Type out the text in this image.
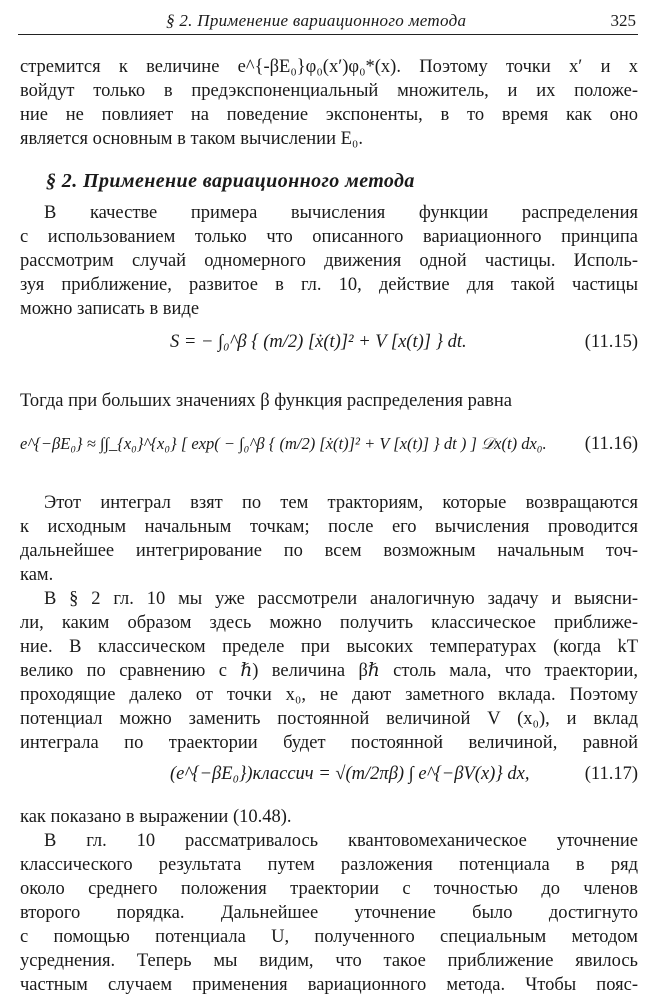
§ 2. Применение вариационного метода	325
стремится к величине e^{-βE₀}φ₀(x′)φ₀*(x). Поэтому точки x′ и x
войдут только в предэкспоненциальный множитель, и их положе-
ние не повлияет на поведение экспоненты, в то время как оно
является основным в таком вычислении E₀.
§ 2. Применение вариационного метода
В качестве примера вычисления функции распределения
с использованием только что описанного вариационного принципа
рассмотрим случай одномерного движения одной частицы. Исполь-
зуя приближение, развитое в гл. 10, действие для такой частицы
можно записать в виде
S = − ∫₀^β { (m/2) [ẋ(t)]² + V [x(t)] } dt.	(11.15)
Тогда при больших значениях β функция распределения равна
e^{−βE₀} ≈ ∫∫_{x₀}^{x₀} [ exp( − ∫₀^β { (m/2) [ẋ(t)]² + V [x(t)] } dt ) ] 𝒟x(t) dx₀. (11.16)
Этот интеграл взят по тем тракториям, которые возвращаются
к исходным начальным точкам; после его вычисления проводится
дальнейшее интегрирование по всем возможным начальным точ-
кам.
В § 2 гл. 10 мы уже рассмотрели аналогичную задачу и выясни-
ли, каким образом здесь можно получить классическое приближе-
ние. В классическом пределе при высоких температурах (когда kT
велико по сравнению с ℏ) величина βℏ столь мала, что траектории,
проходящие далеко от точки x₀, не дают заметного вклада. Поэтому
потенциал можно заменить постоянной величиной V (x₀), и вклад
интеграла по траектории будет постоянной величиной, равной
(e^{−βE₀})классич = √(m/2πβ) ∫ e^{−βV(x)} dx,	(11.17)
как показано в выражении (10.48).
В гл. 10 рассматривалось квантовомеханическое уточнение
классического результата путем разложения потенциала в ряд
около среднего положения траектории с точностью до членов
второго порядка. Дальнейшее уточнение было достигнуто
с помощью потенциала U, полученного специальным методом
усреднения. Теперь мы видим, что такое приближение явилось
частным случаем применения вариационного метода. Чтобы пояс-
